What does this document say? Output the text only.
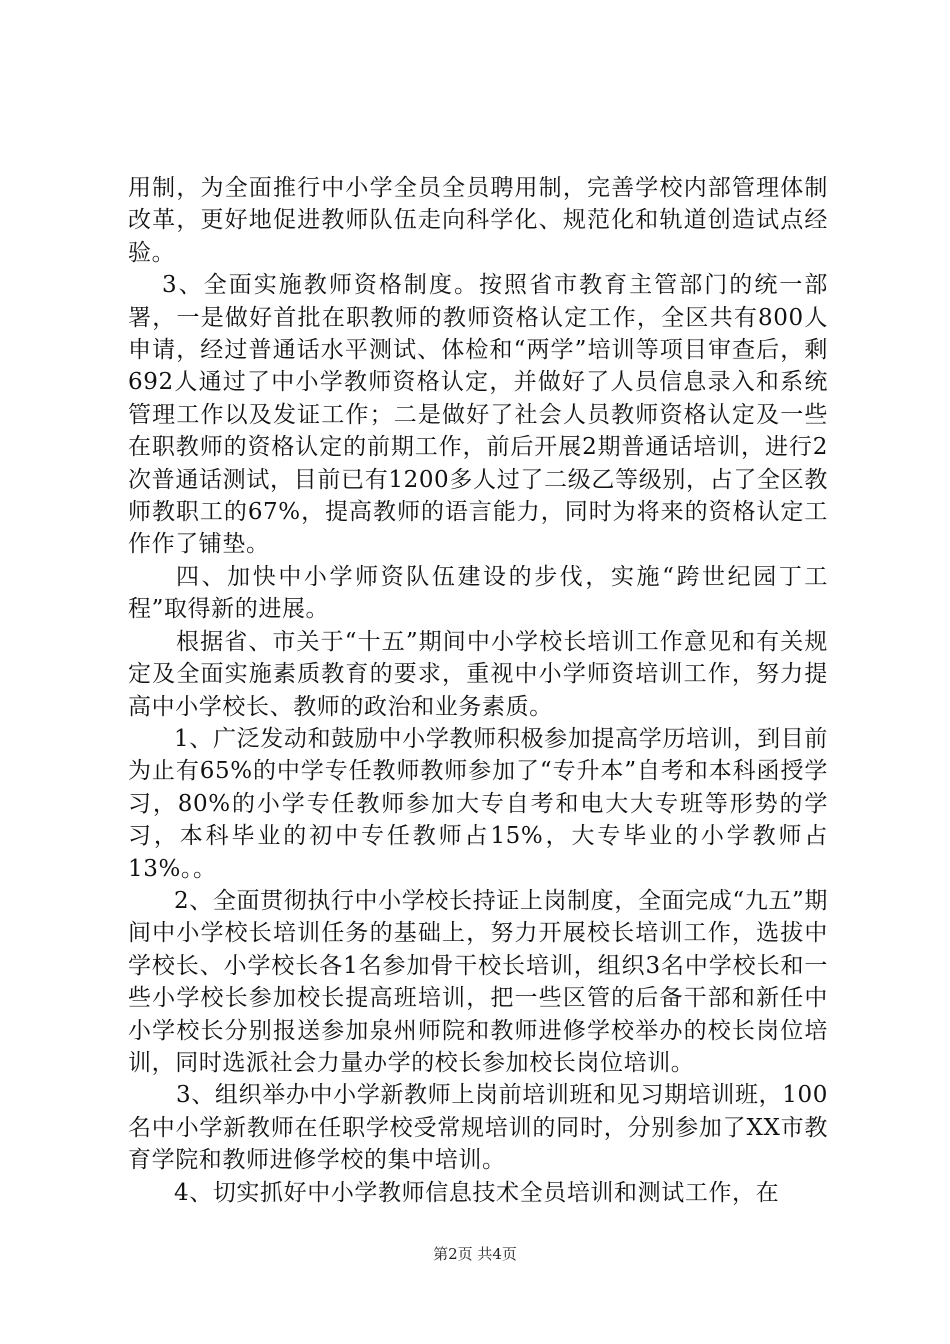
用制，为全面推行中小学全员全员聘用制，完善学校内部管理体制改革，更好地促进教师队伍走向科学化、规范化和轨道创造试点经验。

3、全面实施教师资格制度。按照省市教育主管部门的统一部署，一是做好首批在职教师的教师资格认定工作，全区共有800人申请，经过普通话水平测试、体检和“两学”培训等项目审查后，剩692人通过了中小学教师资格认定，并做好了人员信息录入和系统管理工作以及发证工作；二是做好了社会人员教师资格认定及一些在职教师的资格认定的前期工作，前后开展2期普通话培训，进行2次普通话测试，目前已有1200多人过了二级乙等级别，占了全区教师教职工的67%，提高教师的语言能力，同时为将来的资格认定工作作了铺垫。

四、加快中小学师资队伍建设的步伐，实施“跨世纪园丁工程”取得新的进展。

根据省、市关于“十五”期间中小学校长培训工作意见和有关规定及全面实施素质教育的要求，重视中小学师资培训工作，努力提高中小学校长、教师的政治和业务素质。

1、广泛发动和鼓励中小学教师积极参加提高学历培训，到目前为止有65%的中学专任教师教师参加了“专升本”自考和本科函授学习，80%的小学专任教师参加大专自考和电大大专班等形势的学习，本科毕业的初中专任教师占15%，大专毕业的小学教师占13%。。

2、全面贯彻执行中小学校长持证上岗制度，全面完成“九五”期间中小学校长培训任务的基础上，努力开展校长培训工作，选拔中学校长、小学校长各1名参加骨干校长培训，组织3名中学校长和一些小学校长参加校长提高班培训，把一些区管的后备干部和新任中小学校长分别报送参加泉州师院和教师进修学校举办的校长岗位培训，同时选派社会力量办学的校长参加校长岗位培训。

3、组织举办中小学新教师上岗前培训班和见习期培训班，100名中小学新教师在任职学校受常规培训的同时，分别参加了XX市教育学院和教师进修学校的集中培训。

4、切实抓好中小学教师信息技术全员培训和测试工作，在

第2页 共4页
